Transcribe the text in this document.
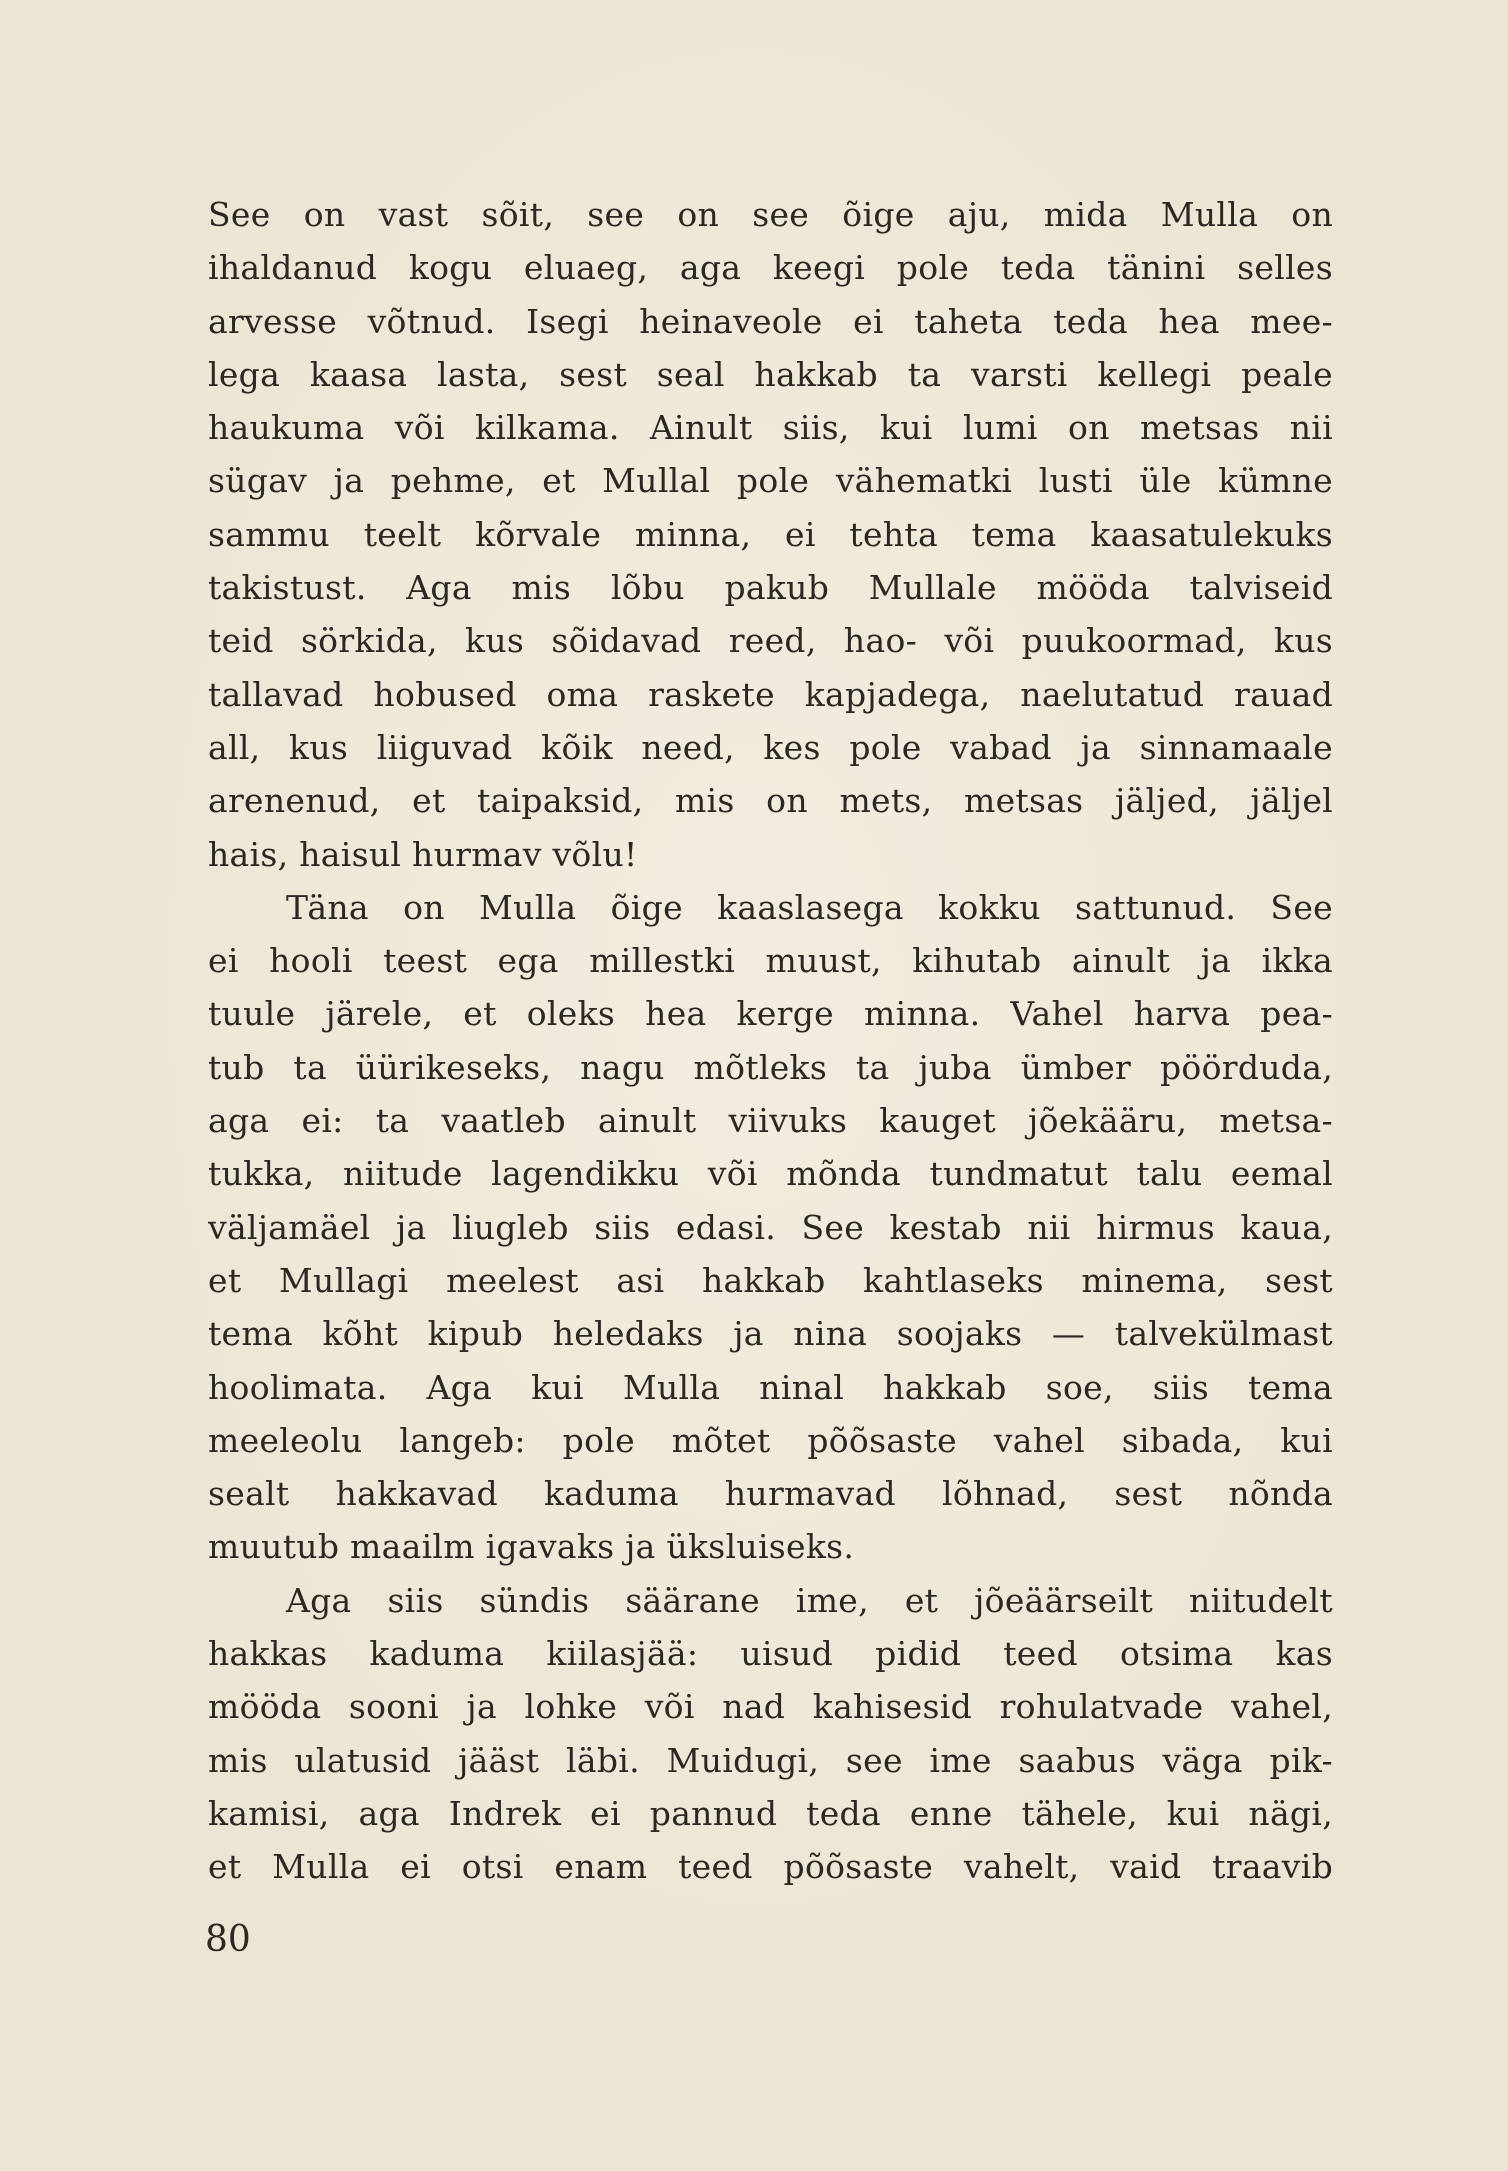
See on vast sõit, see on see õige aju, mida Mulla on
ihaldanud kogu eluaeg, aga keegi pole teda tänini selles
arvesse võtnud. Isegi heinaveole ei taheta teda hea mee-
lega kaasa lasta, sest seal hakkab ta varsti kellegi peale
haukuma või kilkama. Ainult siis, kui lumi on metsas nii
sügav ja pehme, et Mullal pole vähematki lusti üle kümne
sammu teelt kõrvale minna, ei tehta tema kaasatulekuks
takistust. Aga mis lõbu pakub Mullale mööda talviseid
teid sörkida, kus sõidavad reed, hao- või puukoormad, kus
tallavad hobused oma raskete kapjadega, naelutatud rauad
all, kus liiguvad kõik need, kes pole vabad ja sinnamaale
arenenud, et taipaksid, mis on mets, metsas jäljed, jäljel
hais, haisul hurmav võlu!
Täna on Mulla õige kaaslasega kokku sattunud. See
ei hooli teest ega millestki muust, kihutab ainult ja ikka
tuule järele, et oleks hea kerge minna. Vahel harva pea-
tub ta üürikeseks, nagu mõtleks ta juba ümber pöörduda,
aga ei: ta vaatleb ainult viivuks kauget jõekääru, metsa-
tukka, niitude lagendikku või mõnda tundmatut talu eemal
väljamäel ja liugleb siis edasi. See kestab nii hirmus kaua,
et Mullagi meelest asi hakkab kahtlaseks minema, sest
tema kõht kipub heledaks ja nina soojaks — talvekülmast
hoolimata. Aga kui Mulla ninal hakkab soe, siis tema
meeleolu langeb: pole mõtet põõsaste vahel sibada, kui
sealt hakkavad kaduma hurmavad lõhnad, sest nõnda
muutub maailm igavaks ja üksluiseks.
Aga siis sündis säärane ime, et jõeäärseilt niitudelt
hakkas kaduma kiilasjää: uisud pidid teed otsima kas
mööda sooni ja lohke või nad kahisesid rohulatvade vahel,
mis ulatusid jääst läbi. Muidugi, see ime saabus väga pik-
kamisi, aga Indrek ei pannud teda enne tähele, kui nägi,
et Mulla ei otsi enam teed põõsaste vahelt, vaid traavib
80
